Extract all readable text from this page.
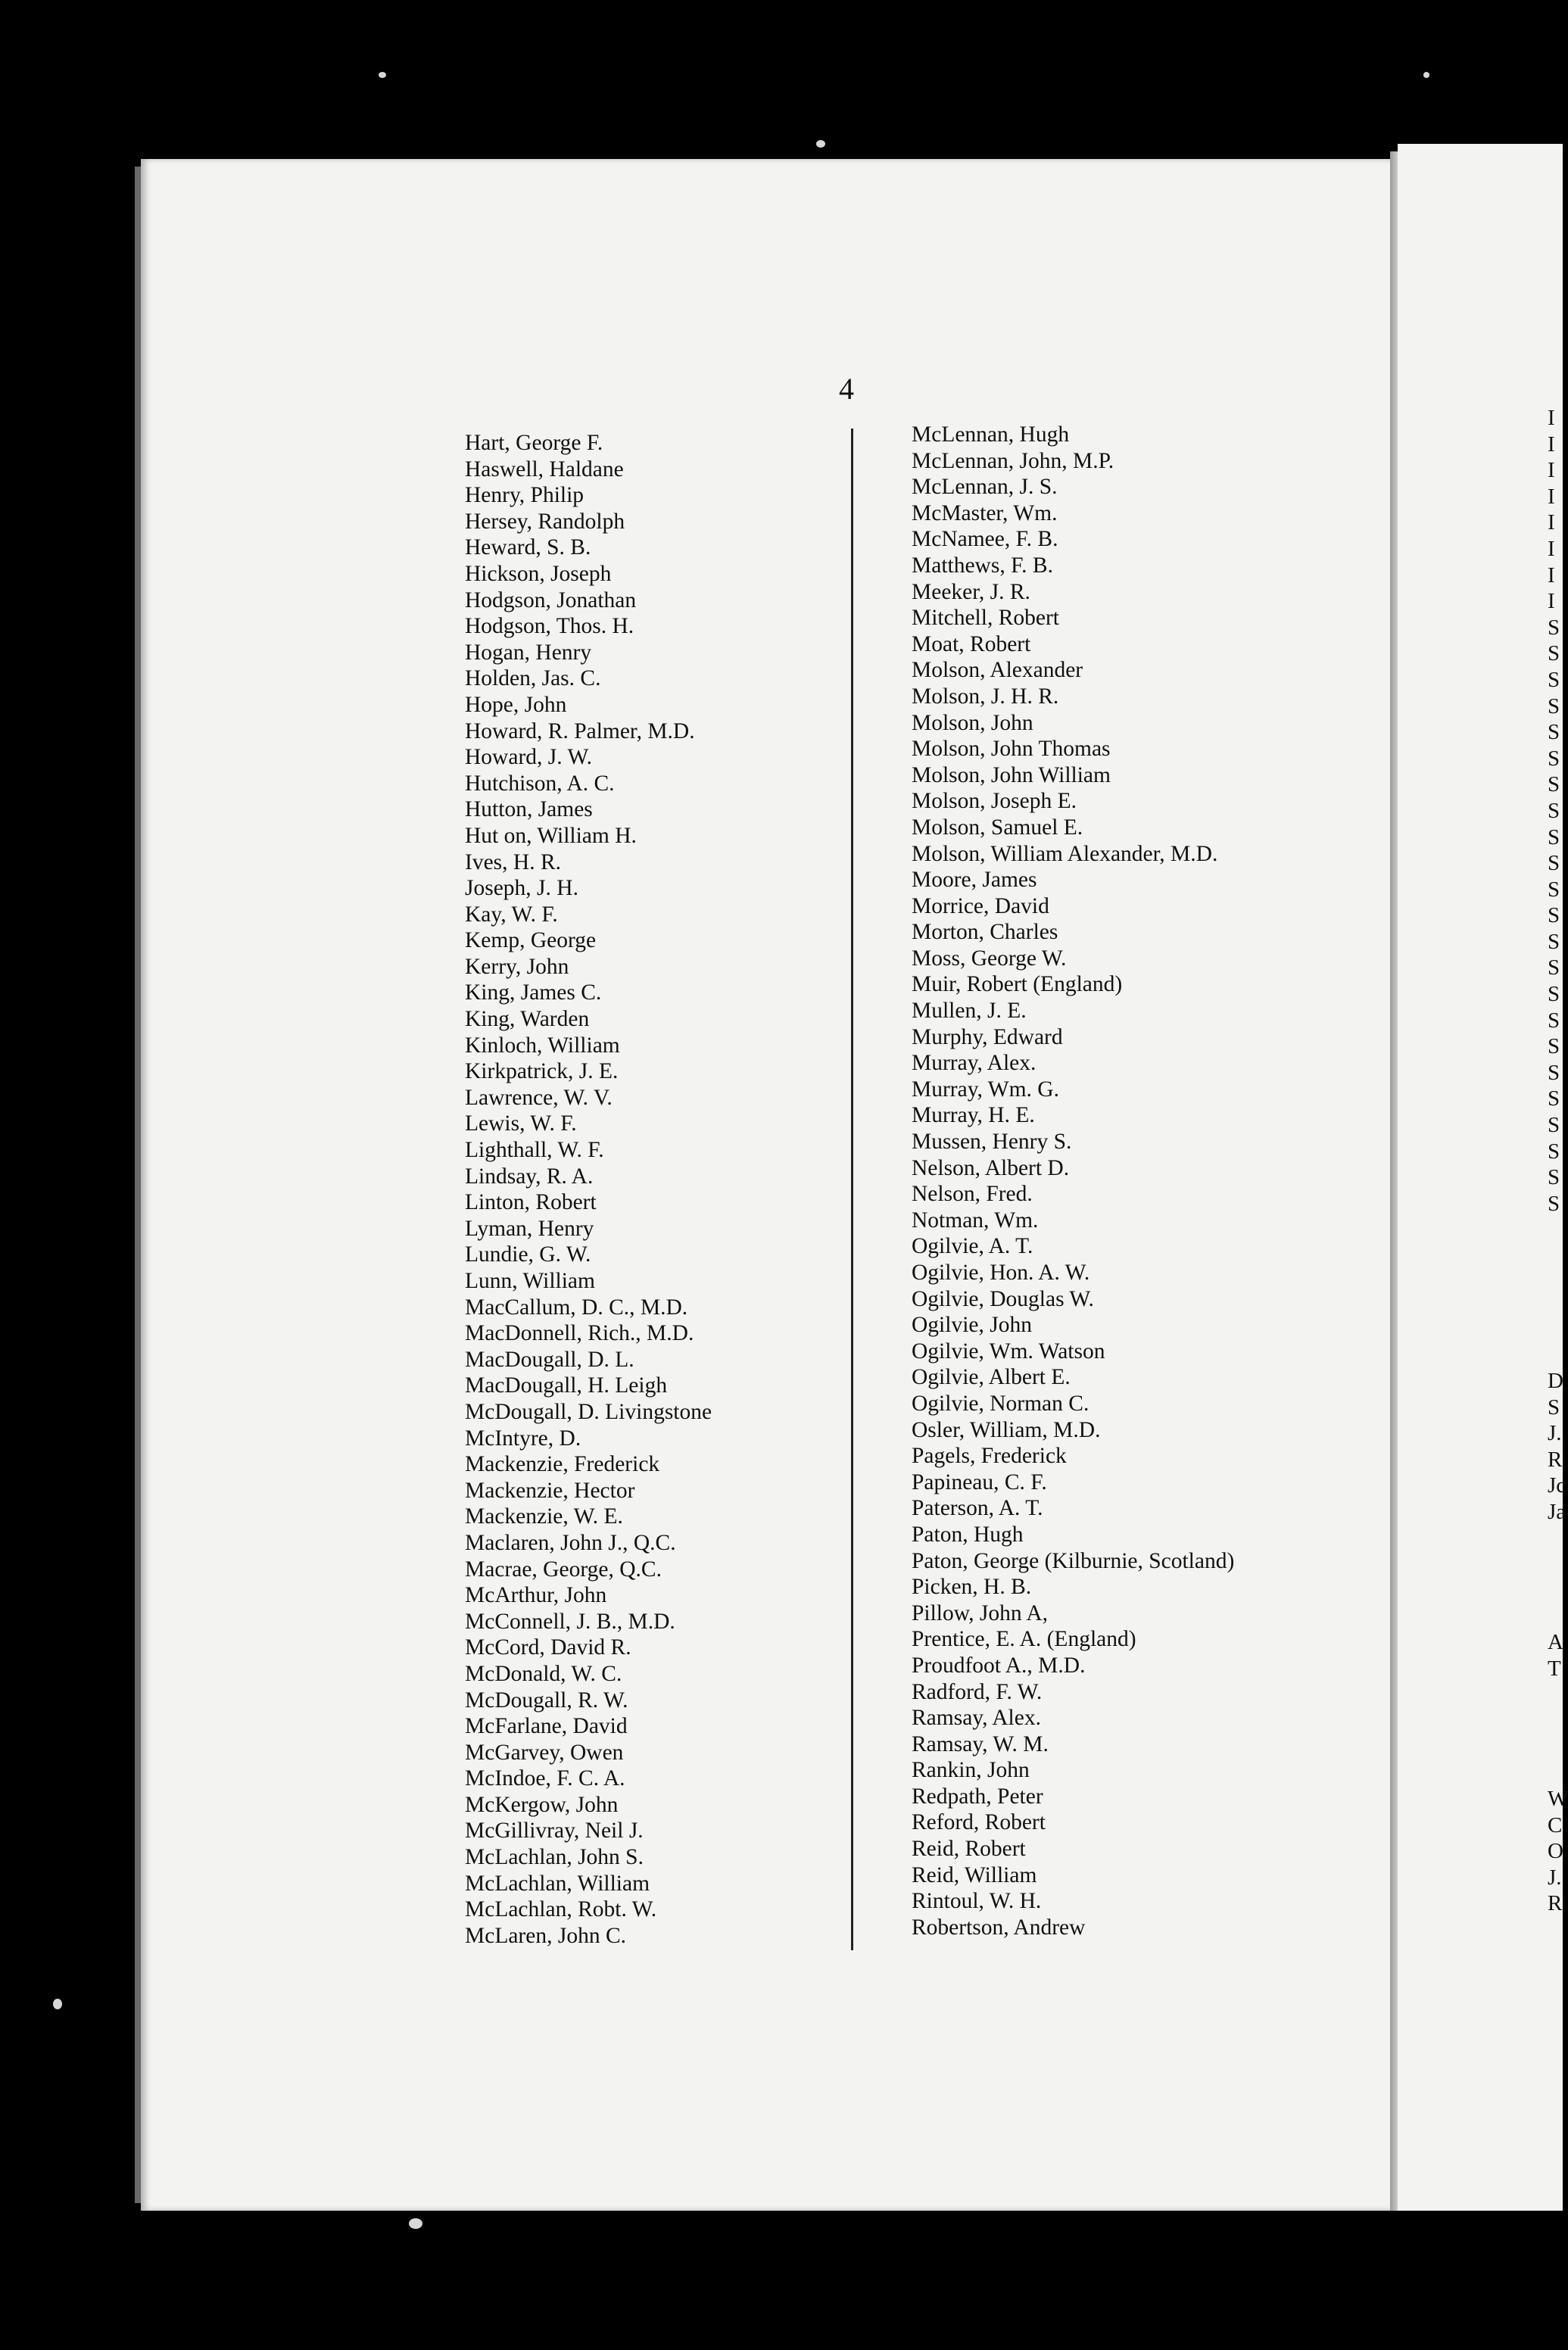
4
Hart, George F.
Haswell, Haldane
Henry, Philip
Hersey, Randolph
Heward, S. B.
Hickson, Joseph
Hodgson, Jonathan
Hodgson, Thos. H.
Hogan, Henry
Holden, Jas. C.
Hope, John
Howard, R. Palmer, M.D.
Howard, J. W.
Hutchison, A. C.
Hutton, James
Hut on, William H.
Ives, H. R.
Joseph, J. H.
Kay, W. F.
Kemp, George
Kerry, John
King, James C.
King, Warden
Kinloch, William
Kirkpatrick, J. E.
Lawrence, W. V.
Lewis, W. F.
Lighthall, W. F.
Lindsay, R. A.
Linton, Robert
Lyman, Henry
Lundie, G. W.
Lunn, William
MacCallum, D. C., M.D.
MacDonnell, Rich., M.D.
MacDougall, D. L.
MacDougall, H. Leigh
McDougall, D. Livingstone
McIntyre, D.
Mackenzie, Frederick
Mackenzie, Hector
Mackenzie, W. E.
Maclaren, John J., Q.C.
Macrae, George, Q.C.
McArthur, John
McConnell, J. B., M.D.
McCord, David R.
McDonald, W. C.
McDougall, R. W.
McFarlane, David
McGarvey, Owen
McIndoe, F. C. A.
McKergow, John
McGillivray, Neil J.
McLachlan, John S.
McLachlan, William
McLachlan, Robt. W.
McLaren, John C.
McLennan, Hugh
McLennan, John, M.P.
McLennan, J. S.
McMaster, Wm.
McNamee, F. B.
Matthews, F. B.
Meeker, J. R.
Mitchell, Robert
Moat, Robert
Molson, Alexander
Molson, J. H. R.
Molson, John
Molson, John Thomas
Molson, John William
Molson, Joseph E.
Molson, Samuel E.
Molson, William Alexander, M.D.
Moore, James
Morrice, David
Morton, Charles
Moss, George W.
Muir, Robert (England)
Mullen, J. E.
Murphy, Edward
Murray, Alex.
Murray, Wm. G.
Murray, H. E.
Mussen, Henry S.
Nelson, Albert D.
Nelson, Fred.
Notman, Wm.
Ogilvie, A. T.
Ogilvie, Hon. A. W.
Ogilvie, Douglas W.
Ogilvie, John
Ogilvie, Wm. Watson
Ogilvie, Albert E.
Ogilvie, Norman C.
Osler, William, M.D.
Pagels, Frederick
Papineau, C. F.
Paterson, A. T.
Paton, Hugh
Paton, George (Kilburnie, Scotland)
Picken, H. B.
Pillow, John A,
Prentice, E. A. (England)
Proudfoot A., M.D.
Radford, F. W.
Ramsay, Alex.
Ramsay, W. M.
Rankin, John
Redpath, Peter
Reford, Robert
Reid, Robert
Reid, William
Rintoul, W. H.
Robertson, Andrew
I
I
I
I
I
I
I
I
S
S
S
S
S
S
S
S
S
S
S
S
S
S
S
S
S
S
S
S
S
S
S
D
S
J.
R
Jc
Ja
A
T
W
C
O
J.
R
